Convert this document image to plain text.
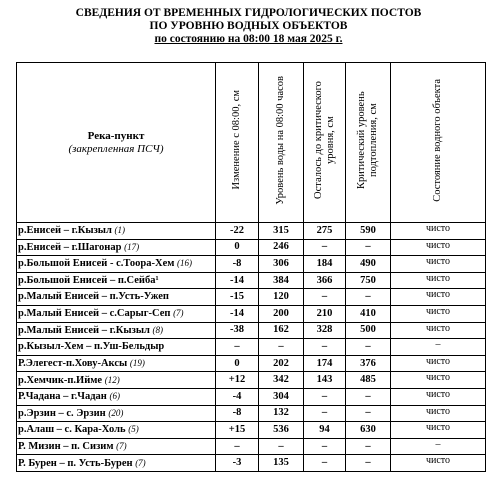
СВЕДЕНИЯ ОТ ВРЕМЕННЫХ ГИДРОЛОГИЧЕСКИХ ПОСТОВ
ПО УРОВНЮ ВОДНЫХ ОБЪЕКТОВ
по состоянию на 08:00 18 мая 2025 г.
Река-пункт
(закрепленная ПСЧ)	Изменение с 08:00, см	Уровень воды на 08:00 часов	Осталось до критического уровня, см	Критический уровень подтопления, см	Состояние водного объекта
р.Енисей – г.Кызыл (1)	-22	315	275	590	чисто
р.Енисей – г.Шагонар (17)	0	246	–	–	чисто
р.Большой Енисей - с.Тоора-Хем (16)	-8	306	184	490	чисто
р.Большой Енисей – п.Сейба¹	-14	384	366	750	чисто
р.Малый Енисей – п.Усть-Ужеп	-15	120	–	–	чисто
р.Малый Енисей – с.Сарыг-Сеп (7)	-14	200	210	410	чисто
р.Малый Енисей – г.Кызыл (8)	-38	162	328	500	чисто
р.Кызыл-Хем – п.Уш-Бельдыр	–	–	–	–	–
Р.Элегест-п.Хову-Аксы (19)	0	202	174	376	чисто
р.Хемчик-п.Ийме (12)	+12	342	143	485	чисто
Р.Чадана – г.Чадан (6)	-4	304	–	–	чисто
р.Эрзин – с. Эрзин (20)	-8	132	–	–	чисто
р.Алаш – с. Кара-Холь (5)	+15	536	94	630	чисто
Р. Мизин – п. Сизим (7)	–	–	–	–	–
Р. Бурен – п. Усть-Бурен (7)	-3	135	–	–	чисто
